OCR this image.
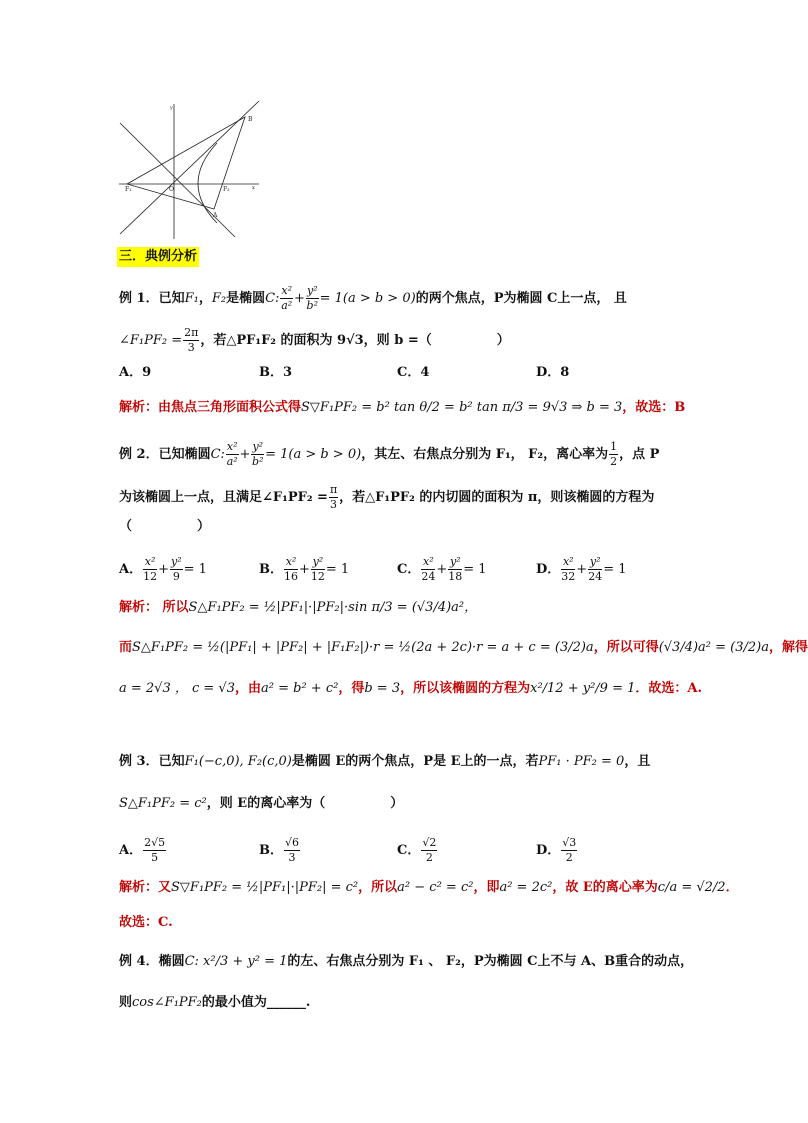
y
x
O
F₁	F₂
A
B
三．典例分析
例 1．已知F₁，F₂是椭圆C: $\frac{\text{x²}}{\text{a²}} + \frac{\text{y²}}{\text{b²}} = 1(a > b > 0)$的两个焦点，P为椭圆 C上一点， 且
∠F₁PF₂ = $\frac{2\pi}{3}$ ，若△PF₁F₂ 的面积为 9√3，则 b =（　　　　　）
A．9	B．3	C．4	D．8
解析：由焦点三角形面积公式得S▽F₁PF₂ = b² tan θ/2 = b² tan π/3 = 9√3 ⇒ b = 3，故选：B
例 2．已知椭圆C: $\frac{\text{x²}}{\text{a²}} + \frac{\text{y²}}{\text{b²}} = 1(a > b > 0)$，其左、右焦点分别为 F₁， F₂，离心率为 $\frac{1}{2}$ ，点 P
为该椭圆上一点，且满足∠F₁PF₂ = $\frac{\pi}{3}$ ，若△F₁PF₂ 的内切圆的面积为 π，则该椭圆的方程为
（　　　　　）
A． $\frac{\text{x²}}{12} + \frac{\text{y²}}{9} = 1$	B． $\frac{\text{x²}}{16} + \frac{\text{y²}}{12} = 1$	C． $\frac{\text{x²}}{24} + \frac{\text{y²}}{18} = 1$	D． $\frac{\text{x²}}{32} + \frac{\text{y²}}{24} = 1$
解析： 所以S△F₁PF₂ = ½|PF₁|·|PF₂|·sin π/3 = (√3/4)a²，
而S△F₁PF₂ = ½(|PF₁| + |PF₂| + |F₁F₂|)·r = ½(2a + 2c)·r = a + c = (3/2)a，所以可得(√3/4)a² = (3/2)a，解得
a = 2√3 ， c = √3，由a² = b² + c²，得b = 3，所以该椭圆的方程为x²/12 + y²/9 = 1．故选：A.
例 3．已知F₁(−c,0), F₂(c,0)是椭圆 E的两个焦点，P是 E上的一点，若PF₁ · PF₂ = 0，且
S△F₁PF₂ = c²，则 E的离心率为（　　　　　）
A． $\frac{2√5}{5}$	B． $\frac{√6}{3}$	C． $\frac{√2}{2}$	D． $\frac{√3}{2}$
解析：又S▽F₁PF₂ = ½|PF₁|·|PF₂| = c²，所以a² − c² = c²，即a² = 2c²，故 E的离心率为c/a = √2/2．
故选：C.
例 4．椭圆C: x²/3 + y² = 1的左、右焦点分别为 F₁ 、 F₂，P为椭圆 C上不与 A、B重合的动点，
则cos∠F₁PF₂的最小值为______.
